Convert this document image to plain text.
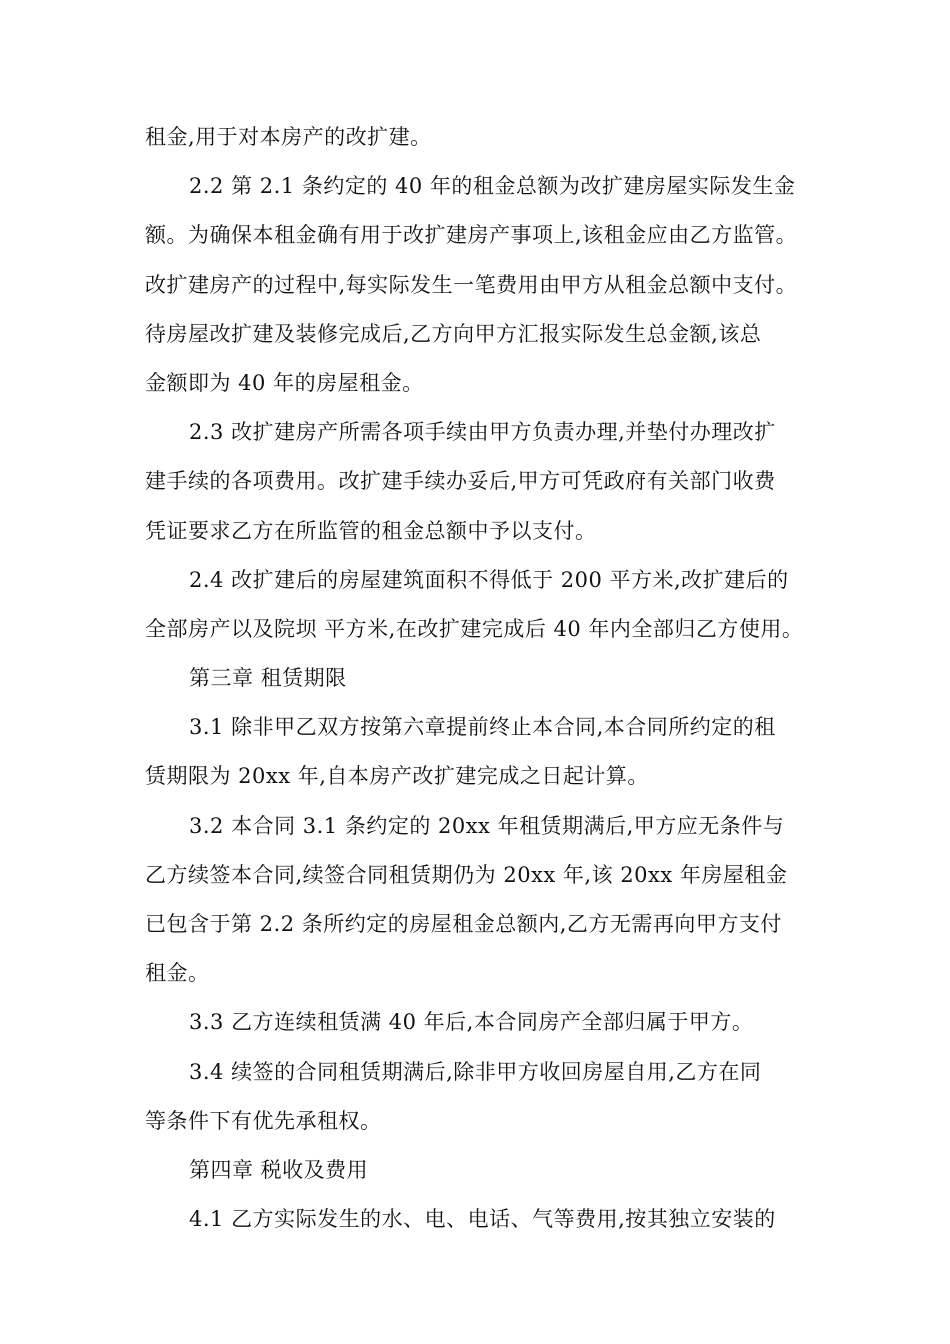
租金,用于对本房产的改扩建。
2.2 第 2.1 条约定的 40 年的租金总额为改扩建房屋实际发生金
额。为确保本租金确有用于改扩建房产事项上,该租金应由乙方监管。
改扩建房产的过程中,每实际发生一笔费用由甲方从租金总额中支付。
待房屋改扩建及装修完成后,乙方向甲方汇报实际发生总金额,该总
金额即为 40 年的房屋租金。
2.3 改扩建房产所需各项手续由甲方负责办理,并垫付办理改扩
建手续的各项费用。改扩建手续办妥后,甲方可凭政府有关部门收费
凭证要求乙方在所监管的租金总额中予以支付。
2.4 改扩建后的房屋建筑面积不得低于 200 平方米,改扩建后的
全部房产以及院坝 平方米,在改扩建完成后 40 年内全部归乙方使用。
第三章 租赁期限
3.1 除非甲乙双方按第六章提前终止本合同,本合同所约定的租
赁期限为 20xx 年,自本房产改扩建完成之日起计算。
3.2 本合同 3.1 条约定的 20xx 年租赁期满后,甲方应无条件与
乙方续签本合同,续签合同租赁期仍为 20xx 年,该 20xx 年房屋租金
已包含于第 2.2 条所约定的房屋租金总额内,乙方无需再向甲方支付
租金。
3.3 乙方连续租赁满 40 年后,本合同房产全部归属于甲方。
3.4 续签的合同租赁期满后,除非甲方收回房屋自用,乙方在同
等条件下有优先承租权。
第四章 税收及费用
4.1 乙方实际发生的水、电、电话、气等费用,按其独立安装的
